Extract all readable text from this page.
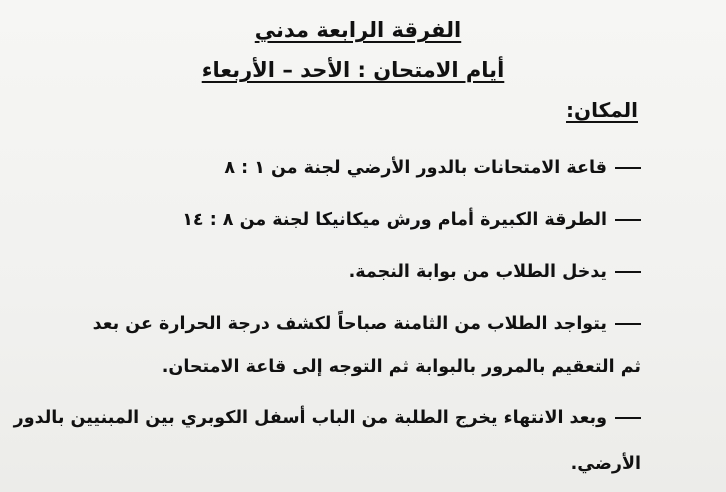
الفرقة الرابعة مدني
أيام الامتحان : الأحد – الأربعاء
المكان:
قاعة الامتحانات بالدور الأرضي لجنة من ١ : ٨
الطرقة الكبيرة أمام ورش ميكانيكا لجنة من ٨ : ١٤
يدخل الطلاب من بوابة النجمة.
يتواجد الطلاب من الثامنة صباحاً لكشف درجة الحرارة عن بعد
ثم التعقيم بالمرور بالبوابة ثم التوجه إلى قاعة الامتحان.
وبعد الانتهاء يخرج الطلبة من الباب أسفل الكوبري بين المبنيين بالدور
الأرضي.
